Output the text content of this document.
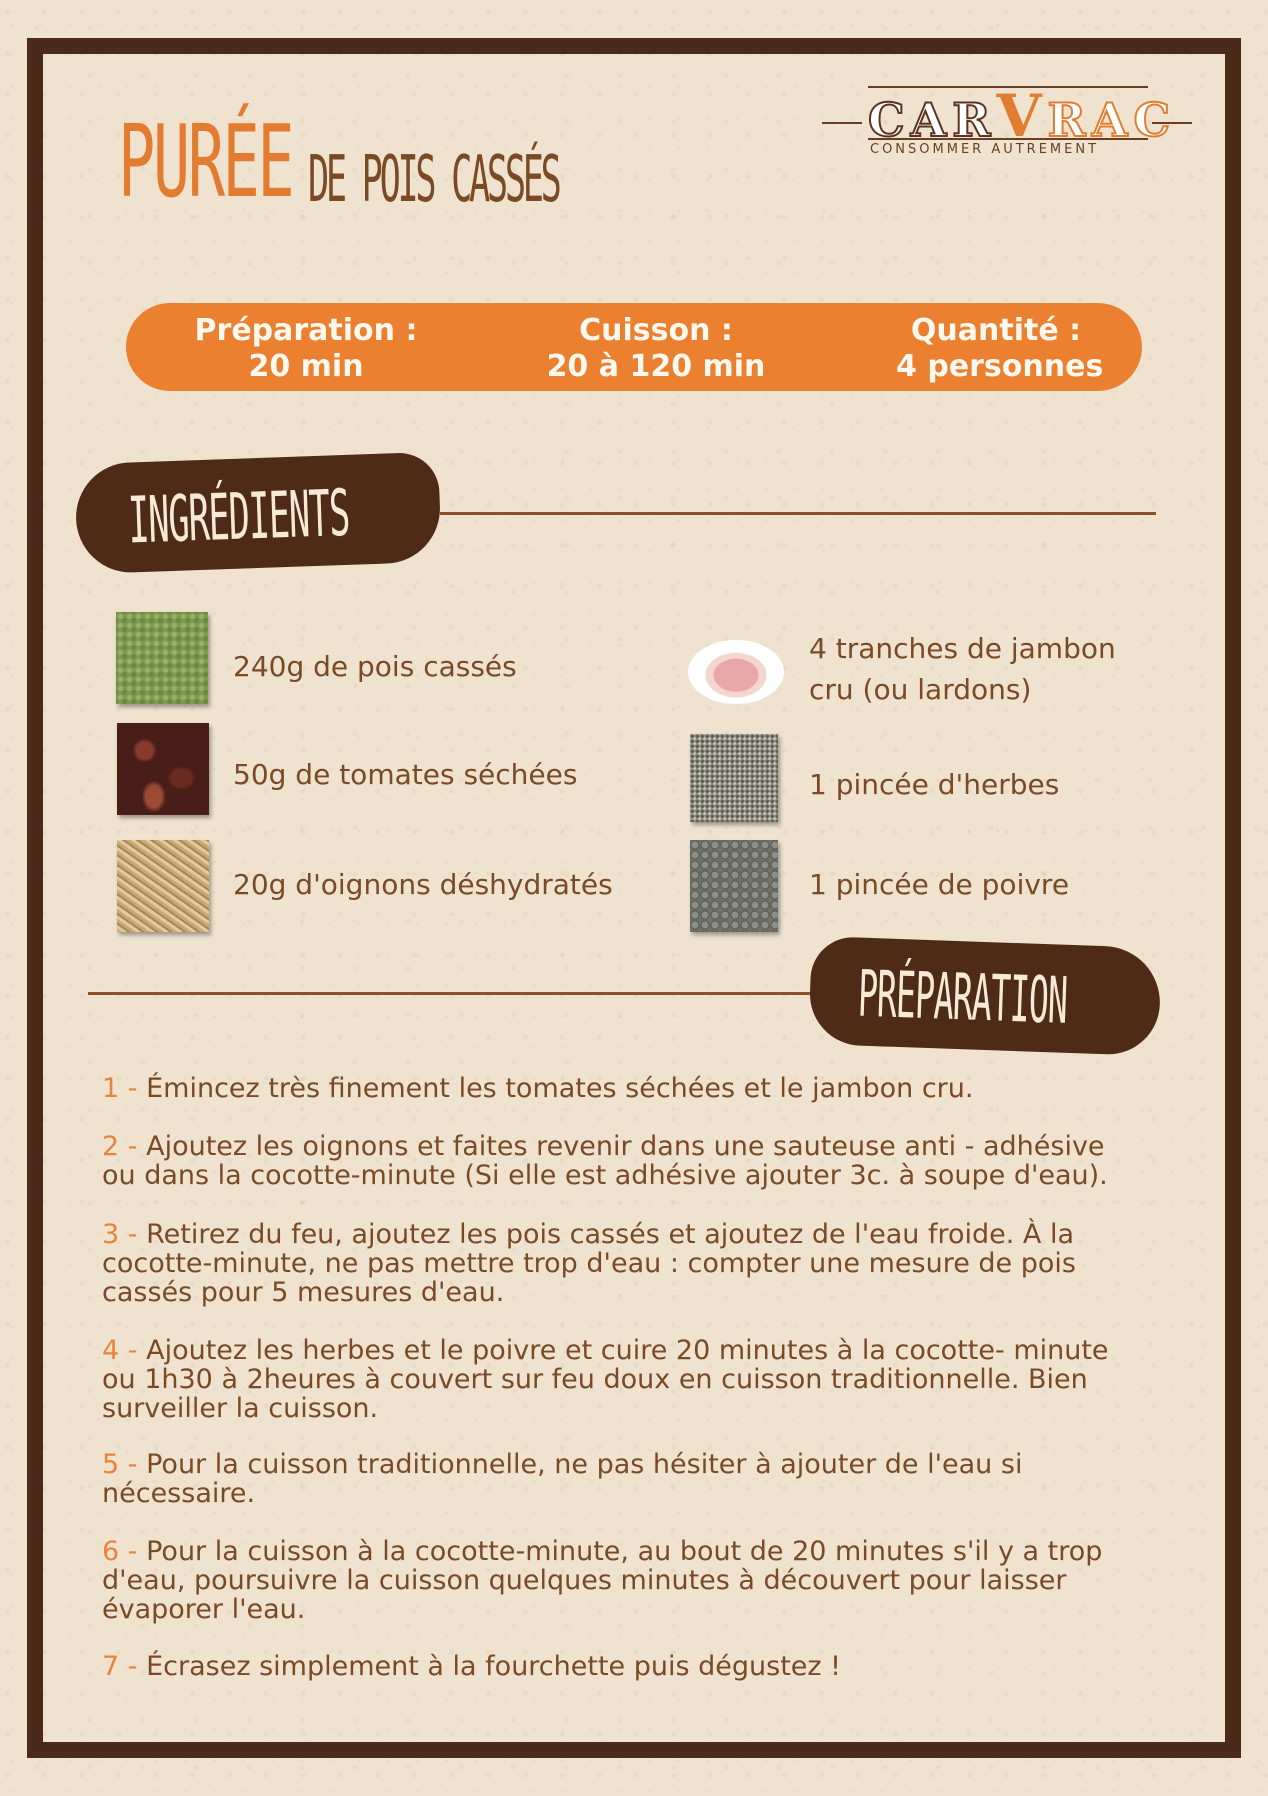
PURÉE DE POIS CASSÉS
CARVRAC
CONSOMMER AUTREMENT
Préparation :
20 min
Cuisson :
20 à 120 min
Quantité :
4 personnes
INGRÉDIENTS
240g de pois cassés
50g de tomates séchées
20g d'oignons déshydratés
4 tranches de jambon
cru (ou lardons)
1 pincée d'herbes
1 pincée de poivre
PRÉPARATION
1 - Émincez très finement les tomates séchées et le jambon cru.
2 - Ajoutez les oignons et faites revenir dans une sauteuse anti - adhésive
ou dans la cocotte-minute (Si elle est adhésive ajouter 3c. à soupe d'eau).
3 - Retirez du feu, ajoutez les pois cassés et ajoutez de l'eau froide. À la
cocotte-minute, ne pas mettre trop d'eau : compter une mesure de pois
cassés pour 5 mesures d'eau.
4 - Ajoutez les herbes et le poivre et cuire 20 minutes à la cocotte- minute
ou 1h30 à 2heures à couvert sur feu doux en cuisson traditionnelle. Bien
surveiller la cuisson.
5 - Pour la cuisson traditionnelle, ne pas hésiter à ajouter de l'eau si
nécessaire.
6 - Pour la cuisson à la cocotte-minute, au bout de 20 minutes s'il y a trop
d'eau, poursuivre la cuisson quelques minutes à découvert pour laisser
évaporer l'eau.
7 - Écrasez simplement à la fourchette puis dégustez !
